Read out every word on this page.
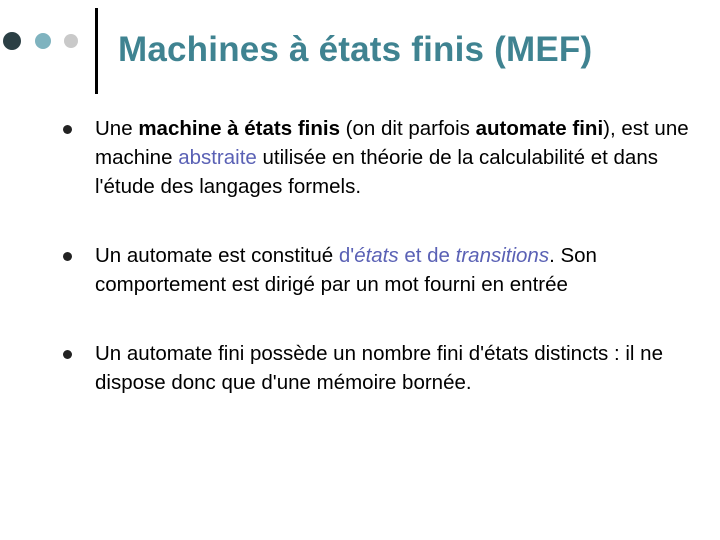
Machines à états finis (MEF)
Une machine à états finis (on dit parfois automate fini), est une machine abstraite utilisée en théorie de la calculabilité et dans l'étude des langages formels.
Un automate est constitué d'états et de transitions. Son comportement est dirigé par un mot fourni en entrée
Un automate fini possède un nombre fini d'états distincts : il ne dispose donc que d'une mémoire bornée.
